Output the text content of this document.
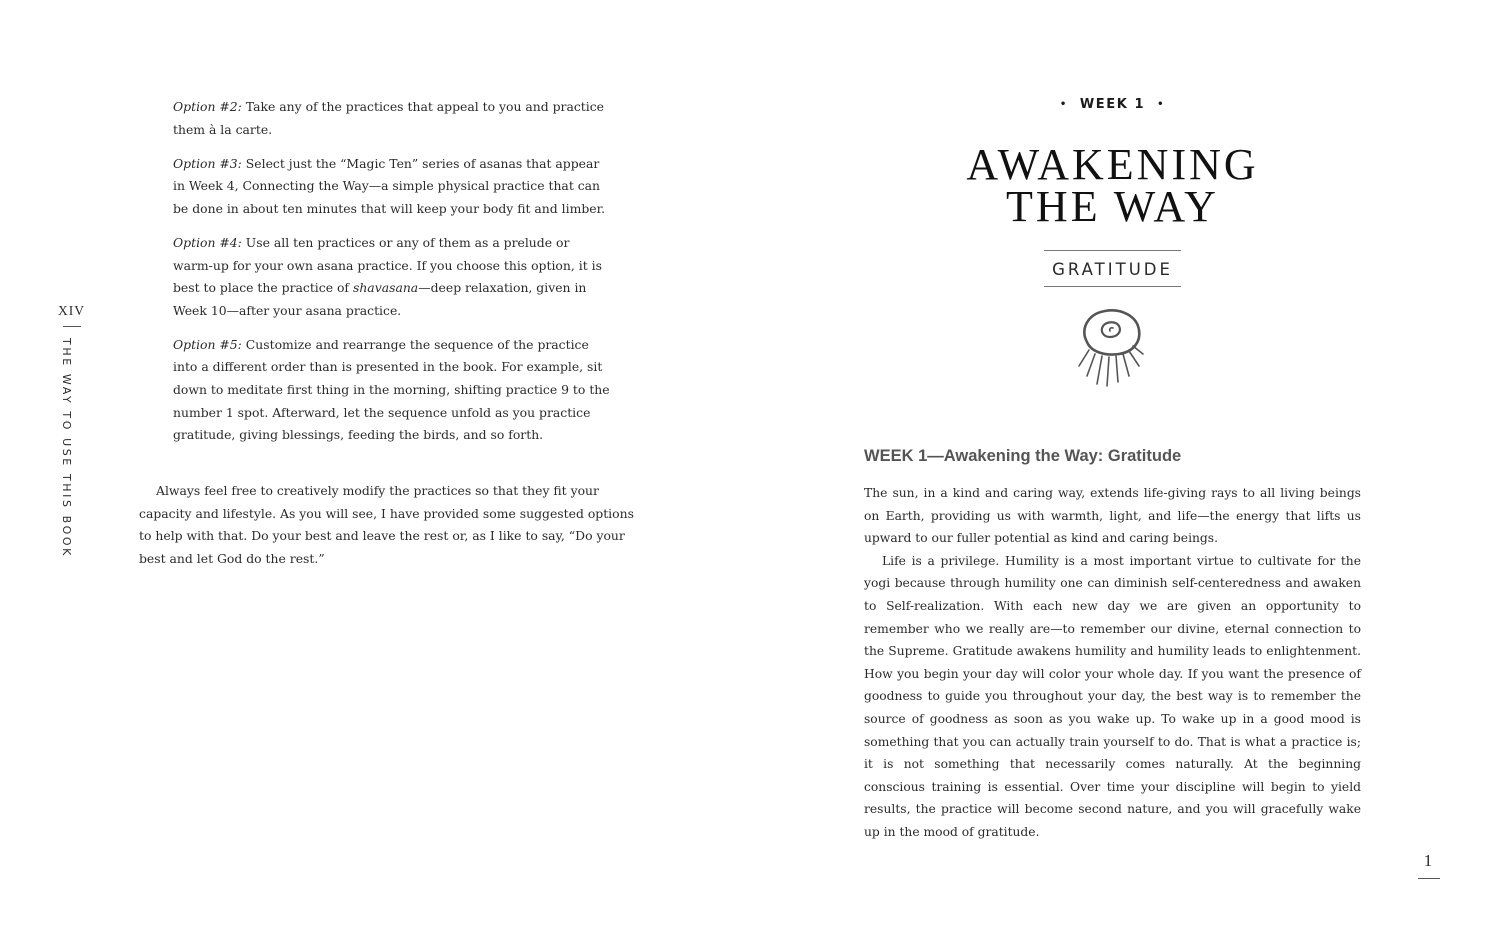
XIV
THE WAY TO USE THIS BOOK

Option #2: Take any of the practices that appeal to you and practice them à la carte.

Option #3: Select just the “Magic Ten” series of asanas that appear in Week 4, Connecting the Way—a simple physical practice that can be done in about ten minutes that will keep your body fit and limber.

Option #4: Use all ten practices or any of them as a prelude or warm-up for your own asana practice. If you choose this option, it is best to place the practice of shavasana—deep relaxation, given in Week 10—after your asana practice.

Option #5: Customize and rearrange the sequence of the practice into a different order than is presented in the book. For example, sit down to meditate first thing in the morning, shifting practice 9 to the number 1 spot. Afterward, let the sequence unfold as you practice gratitude, giving blessings, feeding the birds, and so forth.

Always feel free to creatively modify the practices so that they fit your capacity and lifestyle. As you will see, I have provided some suggested options to help with that. Do your best and leave the rest or, as I like to say, “Do your best and let God do the rest.”

• WEEK 1 •
AWAKENING
THE WAY
GRATITUDE
WEEK 1—Awakening the Way: Gratitude

The sun, in a kind and caring way, extends life-giving rays to all living beings on Earth, providing us with warmth, light, and life—the energy that lifts us upward to our fuller potential as kind and caring beings.

Life is a privilege. Humility is a most important virtue to cultivate for the yogi because through humility one can diminish self-centeredness and awaken to Self-realization. With each new day we are given an opportunity to remember who we really are—to remember our divine, eternal connection to the Supreme. Gratitude awakens humility and humility leads to enlightenment. How you begin your day will color your whole day. If you want the presence of goodness to guide you throughout your day, the best way is to remember the source of goodness as soon as you wake up. To wake up in a good mood is something that you can actually train yourself to do. That is what a practice is; it is not something that necessarily comes naturally. At the beginning conscious training is essential. Over time your discipline will begin to yield results, the practice will become second nature, and you will gracefully wake up in the mood of gratitude.

1
